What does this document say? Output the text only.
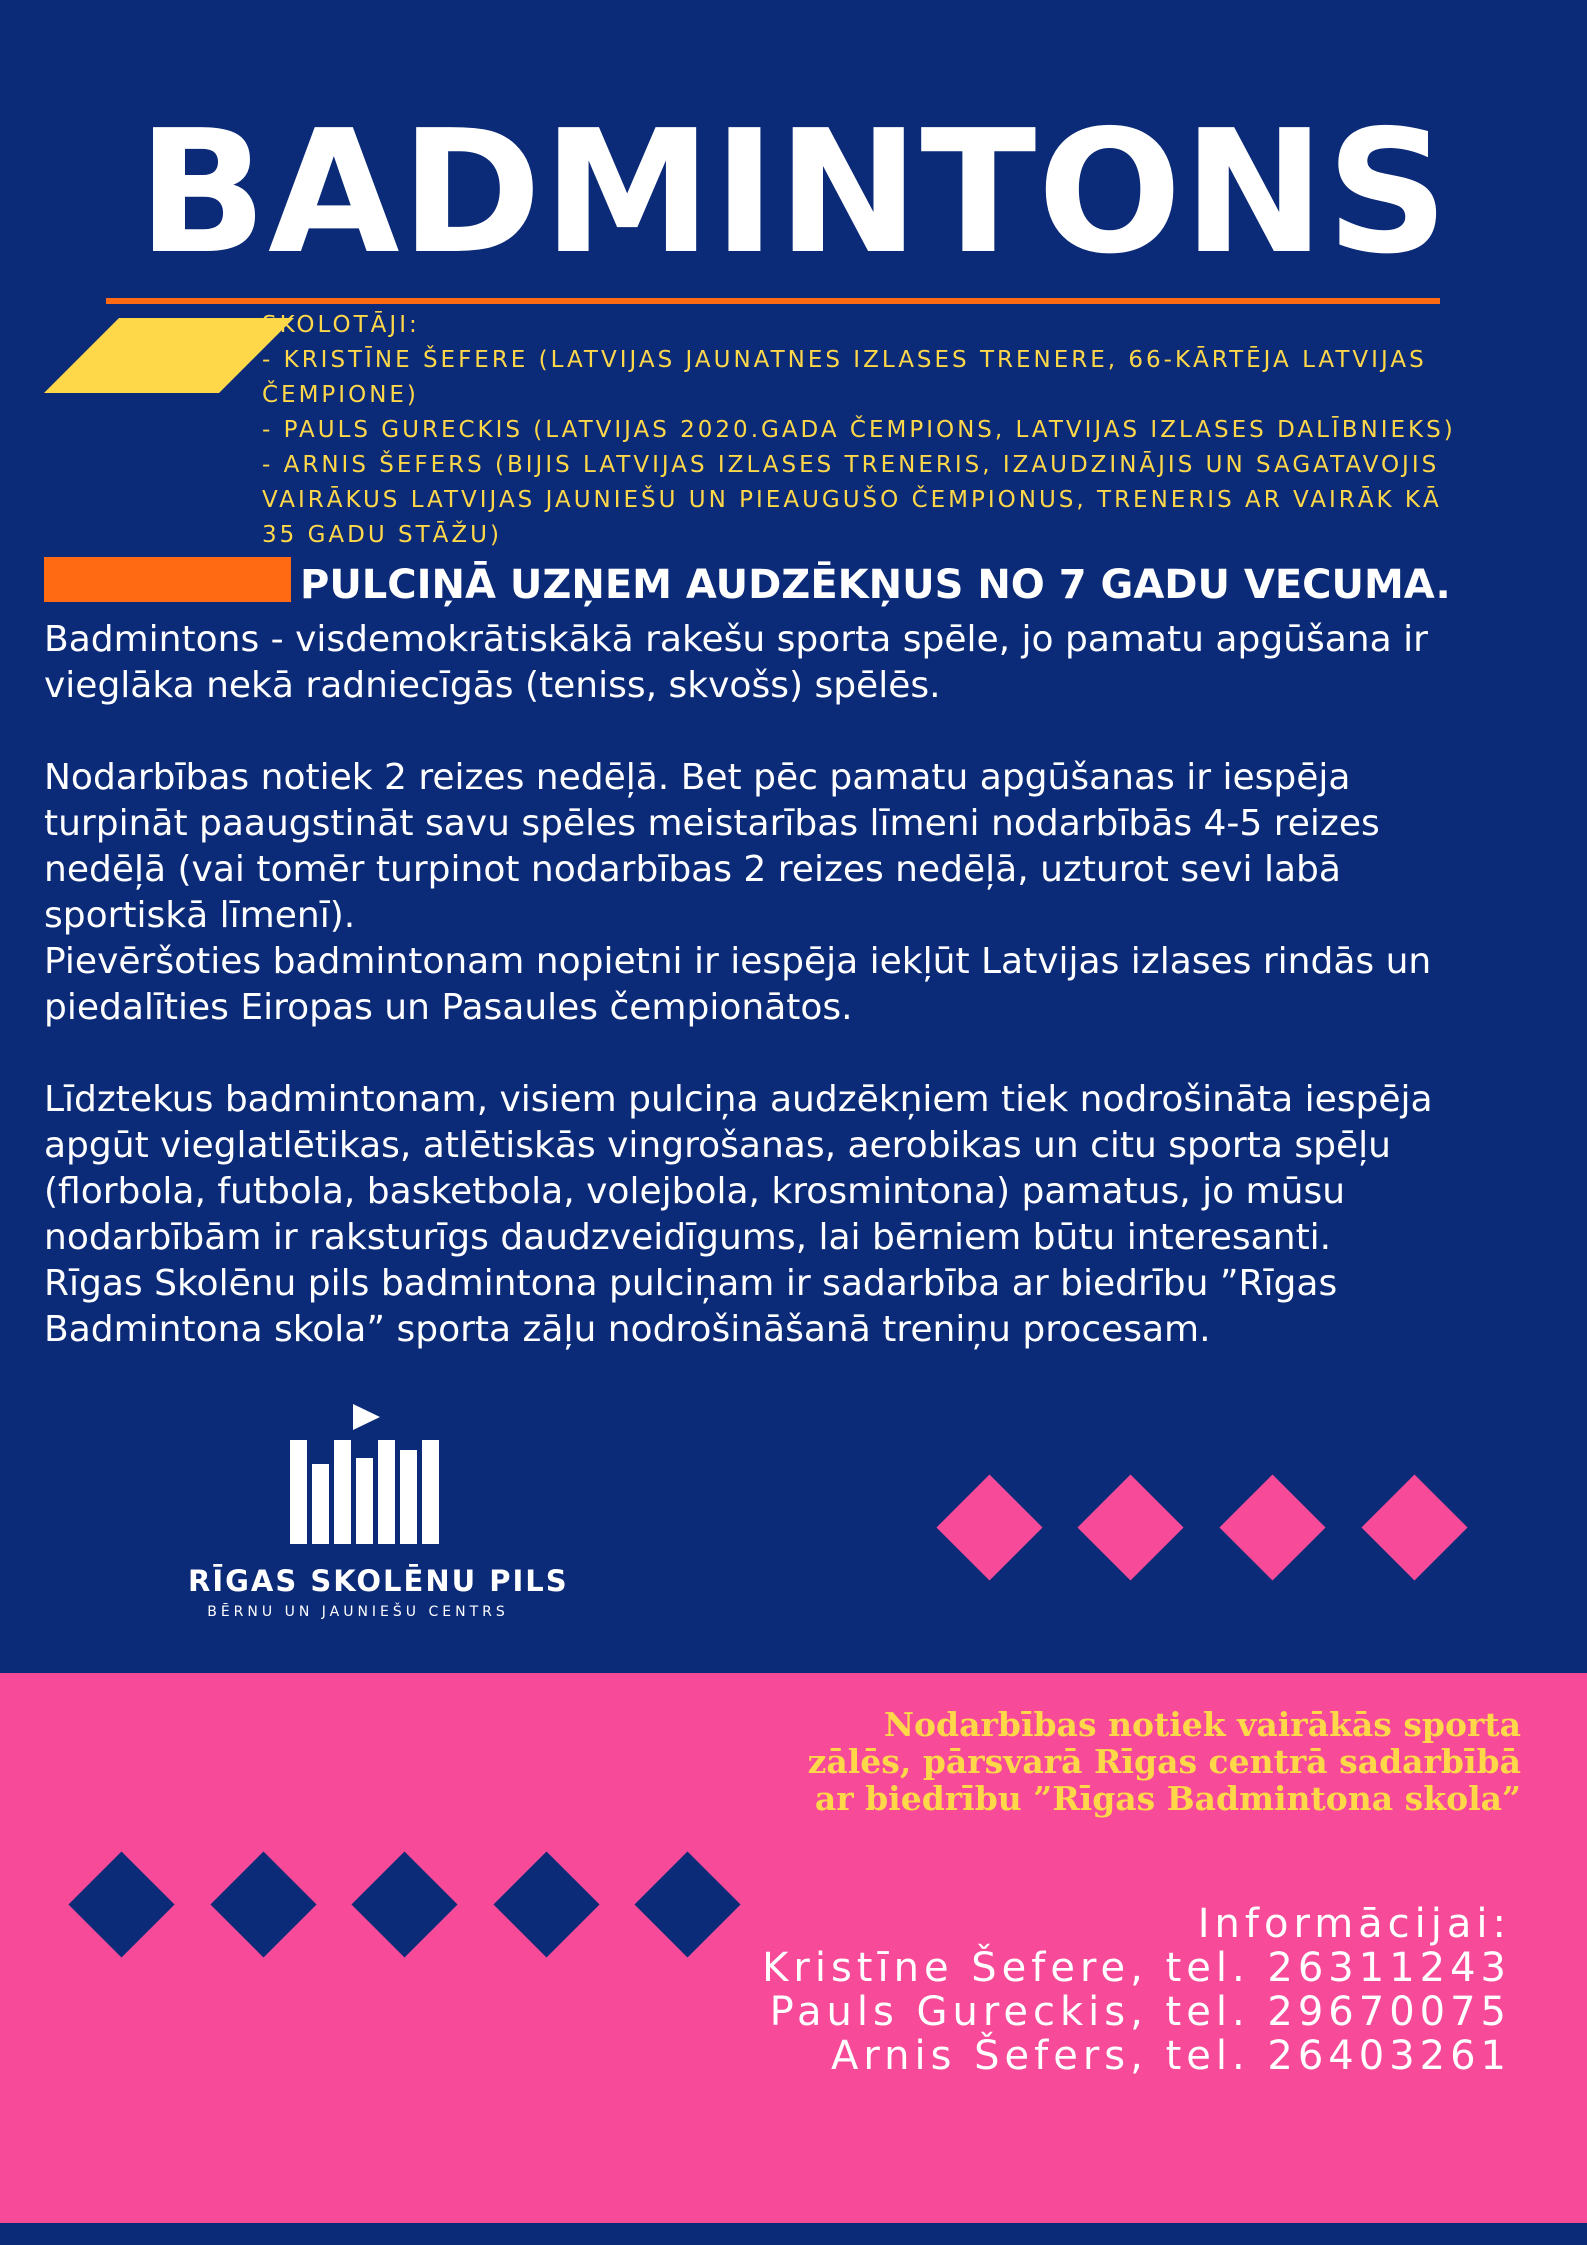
BADMINTONS
SKOLOTĀJI:
- KRISTĪNE ŠEFERE (LATVIJAS JAUNATNES IZLASES TRENERE, 66-KĀRTĒJA LATVIJAS
ČEMPIONE)
- PAULS GURECKIS (LATVIJAS 2020.GADA ČEMPIONS, LATVIJAS IZLASES DALĪBNIEKS)
- ARNIS ŠEFERS (BIJIS LATVIJAS IZLASES TRENERIS, IZAUDZINĀJIS UN SAGATAVOJIS
VAIRĀKUS LATVIJAS JAUNIEŠU UN PIEAUGUŠO ČEMPIONUS, TRENERIS AR VAIRĀK KĀ
35 GADU STĀŽU)
PULCIŅĀ UZŅEM AUDZĒKŅUS NO 7 GADU VECUMA.
Badmintons - visdemokrātiskākā rakešu sporta spēle, jo pamatu apgūšana ir
vieglāka nekā radniecīgās (teniss, skvošs) spēlēs.
Nodarbības notiek 2 reizes nedēļā. Bet pēc pamatu apgūšanas ir iespēja
turpināt paaugstināt savu spēles meistarības līmeni nodarbībās 4-5 reizes
nedēļā (vai tomēr turpinot nodarbības 2 reizes nedēļā, uzturot sevi labā
sportiskā līmenī).
Pievēršoties badmintonam nopietni ir iespēja iekļūt Latvijas izlases rindās un
piedalīties Eiropas un Pasaules čempionātos.
Līdztekus badmintonam, visiem pulciņa audzēkņiem tiek nodrošināta iespēja
apgūt vieglatlētikas, atlētiskās vingrošanas, aerobikas un citu sporta spēļu
(florbola, futbola, basketbola, volejbola, krosmintona) pamatus, jo mūsu
nodarbībām ir raksturīgs daudzveidīgums, lai bērniem būtu interesanti.
Rīgas Skolēnu pils badmintona pulciņam ir sadarbība ar biedrību ”Rīgas
Badmintona skola” sporta zāļu nodrošināšanā treniņu procesam.
RĪGAS SKOLĒNU PILS
BĒRNU UN JAUNIEŠU CENTRS
Nodarbības notiek vairākās sporta
zālēs, pārsvarā Rīgas centrā sadarbībā
ar biedrību ”Rīgas Badmintona skola”
Informācijai:
Kristīne Šefere, tel. 26311243
Pauls Gureckis, tel. 29670075
Arnis Šefers, tel. 26403261
